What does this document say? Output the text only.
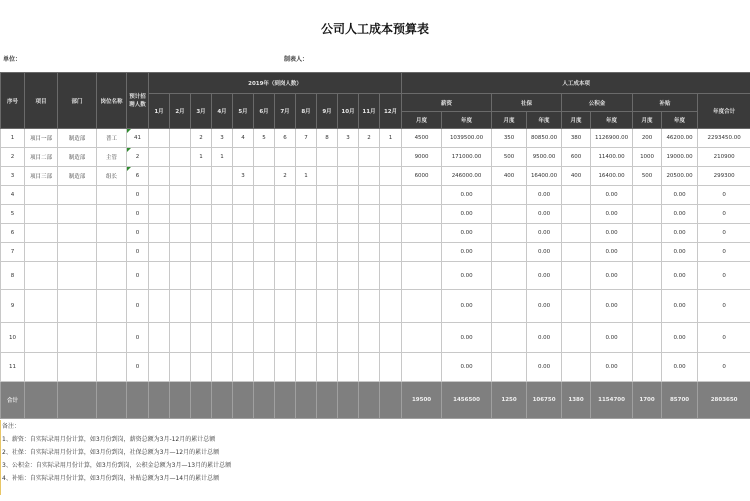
公司人工成本预算表
单位：	制表人：
序号	项目	部门	岗位名称	预计招聘人数	2019年（到岗人数）												人工成本项								
					1月	2月	3月	4月	5月	6月	7月	8月	9月	10月	11月	12月	薪资		社保		公积金		补贴		年度合计
																	月度	年度	月度	年度	月度	年度	月度	年度	
1	项目一部	制造部	普工	41			2	3	4	5	6	7	8	3	2	1	4500	1039500.00	350	80850.00	380	1126900.00	200	46200.00	2293450.00
2	项目二部	制造部	主管	2			1	1									9000	171000.00	500	9500.00	600	11400.00	1000	19000.00	210900
3	项目三部	制造部	组长	6					3		2	1					6000	246000.00	400	16400.00	400	16400.00	500	20500.00	299300
4				0														0.00		0.00		0.00		0.00	0
5				0														0.00		0.00		0.00		0.00	0
6				0														0.00		0.00		0.00		0.00	0
7				0														0.00		0.00		0.00		0.00	0
8				0														0.00		0.00		0.00		0.00	0
9				0														0.00		0.00		0.00		0.00	0
10				0														0.00		0.00		0.00		0.00	0
11				0														0.00		0.00		0.00		0.00	0
合计																	19500	1456500	1250	106750	1380	1154700	1700	85700	2803650
备注：
1、薪资：自实际录用月份计算，如3月份到岗，薪资总额为3月-12月的累计总额
2、社保：自实际录用月份计算，如3月份到岗，社保总额为3月—12月的累计总额
3、公积金：自实际录用月份计算，如3月份到岗，公积金总额为3月—13月的累计总额
4、补贴：自实际录用月份计算，如3月份到岗，补贴总额为3月—14月的累计总额
